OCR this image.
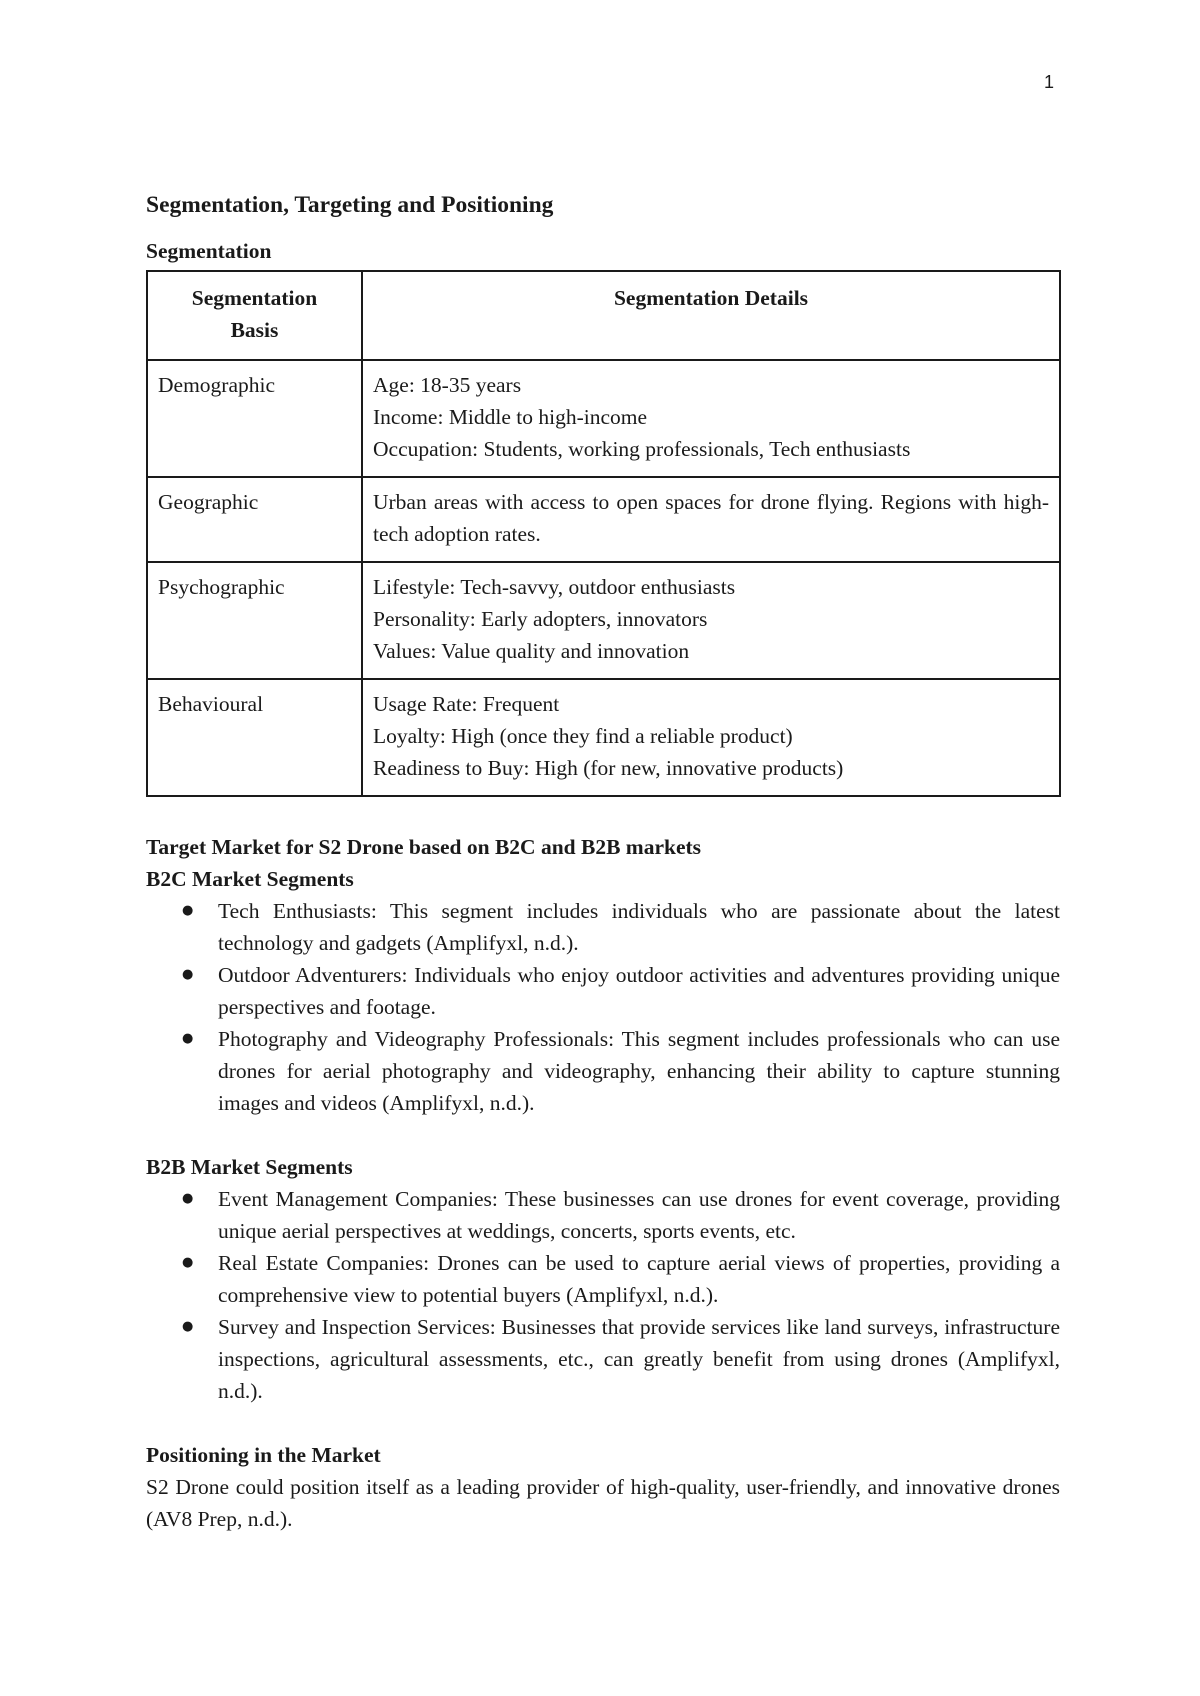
1
Segmentation, Targeting and Positioning
Segmentation
Segmentation Basis	Segmentation Details
Demographic	Age: 18-35 years
Income: Middle to high-income
Occupation: Students, working professionals, Tech enthusiasts

Geographic	Urban areas with access to open spaces for drone flying. Regions with high-tech adoption rates.

Psychographic	Lifestyle: Tech-savvy, outdoor enthusiasts
Personality: Early adopters, innovators
Values: Value quality and innovation

Behavioural	Usage Rate: Frequent
Loyalty: High (once they find a reliable product)
Readiness to Buy: High (for new, innovative products)
Target Market for S2 Drone based on B2C and B2B markets
B2C Market Segments
● Tech Enthusiasts: This segment includes individuals who are passionate about the latest technology and gadgets (Amplifyxl, n.d.).
● Outdoor Adventurers: Individuals who enjoy outdoor activities and adventures providing unique perspectives and footage.
● Photography and Videography Professionals: This segment includes professionals who can use drones for aerial photography and videography, enhancing their ability to capture stunning images and videos (Amplifyxl, n.d.).
B2B Market Segments
● Event Management Companies: These businesses can use drones for event coverage, providing unique aerial perspectives at weddings, concerts, sports events, etc.
● Real Estate Companies: Drones can be used to capture aerial views of properties, providing a comprehensive view to potential buyers (Amplifyxl, n.d.).
● Survey and Inspection Services: Businesses that provide services like land surveys, infrastructure inspections, agricultural assessments, etc., can greatly benefit from using drones (Amplifyxl, n.d.).
Positioning in the Market

S2 Drone could position itself as a leading provider of high-quality, user-friendly, and innovative drones (AV8 Prep, n.d.).
